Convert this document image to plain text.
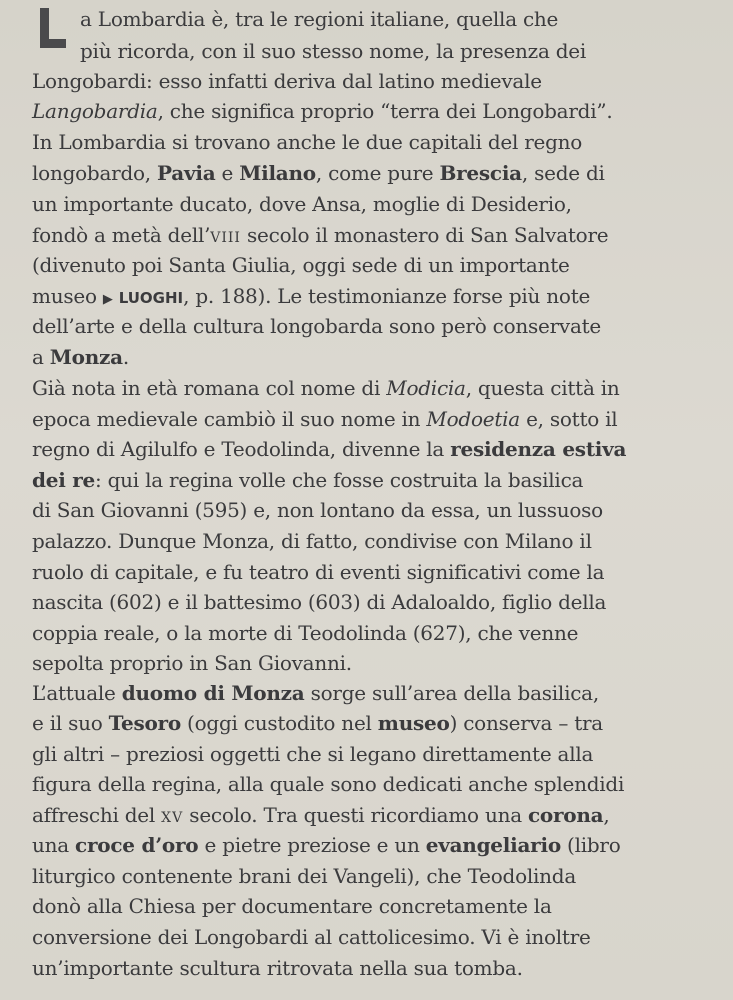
a Lombardia è, tra le regioni italiane, quella che
più ricorda, con il suo stesso nome, la presenza dei
Longobardi: esso infatti deriva dal latino medievale
Langobardia, che significa proprio “terra dei Longobardi”.
In Lombardia si trovano anche le due capitali del regno
longobardo, Pavia e Milano, come pure Brescia, sede di
un importante ducato, dove Ansa, moglie di Desiderio,
fondò a metà dell’viii secolo il monastero di San Salvatore
(divenuto poi Santa Giulia, oggi sede di un importante
museo ▶ LUOGHI, p. 188). Le testimonianze forse più note
dell’arte e della cultura longobarda sono però conservate
a Monza.
Già nota in età romana col nome di Modicia, questa città in
epoca medievale cambiò il suo nome in Modoetia e, sotto il
regno di Agilulfo e Teodolinda, divenne la residenza estiva
dei re: qui la regina volle che fosse costruita la basilica
di San Giovanni (595) e, non lontano da essa, un lussuoso
palazzo. Dunque Monza, di fatto, condivise con Milano il
ruolo di capitale, e fu teatro di eventi significativi come la
nascita (602) e il battesimo (603) di Adaloaldo, figlio della
coppia reale, o la morte di Teodolinda (627), che venne
sepolta proprio in San Giovanni.
L’attuale duomo di Monza sorge sull’area della basilica,
e il suo Tesoro (oggi custodito nel museo) conserva – tra
gli altri – preziosi oggetti che si legano direttamente alla
figura della regina, alla quale sono dedicati anche splendidi
affreschi del xv secolo. Tra questi ricordiamo una corona,
una croce d’oro e pietre preziose e un evangeliario (libro
liturgico contenente brani dei Vangeli), che Teodolinda
donò alla Chiesa per documentare concretamente la
conversione dei Longobardi al cattolicesimo. Vi è inoltre
un’importante scultura ritrovata nella sua tomba.
